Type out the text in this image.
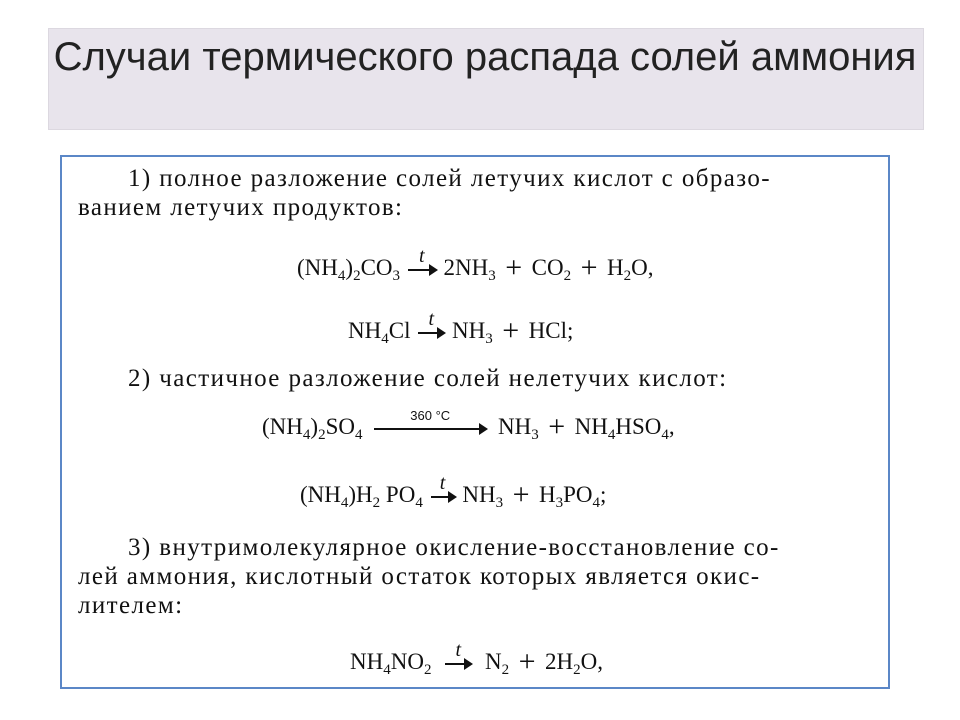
Случаи термического распада солей аммония
1) полное разложение солей летучих кислот с образо-
ванием летучих продуктов:
$(NH_4)_2CO_3$
t $2NH_3 + CO_2 + H_2O$,
$NH_4Cl$ t $NH_3$ + HCl;
2) частичное разложение солей нелетучих кислот:
$(NH_4)_2SO_4$
360 °C $NH_3 + NH_4HSO_4$,
$(NH_4)H_2$ $PO_4$
t $NH_3 + H_3PO_4$;
3) внутримолекулярное окисление-восстановление со-
лей аммония, кислотный остаток которых является окис-
лителем:
$NH_4NO_2$
t $N_2 + 2H_2O$,
